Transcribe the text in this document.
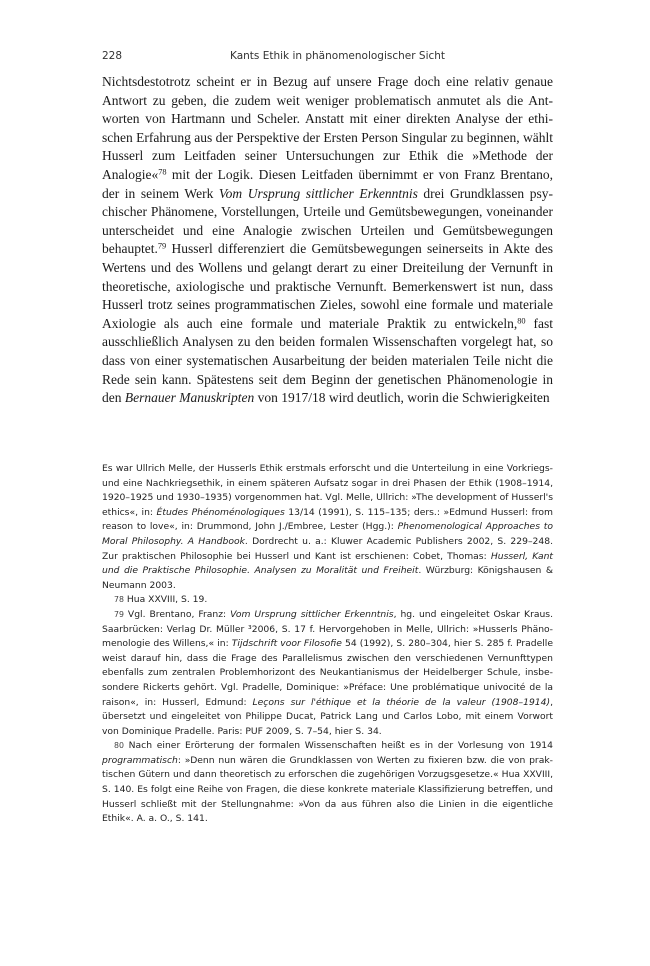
228	Kants Ethik in phänomenologischer Sicht

Nichtsdestotrotz scheint er in Bezug auf unsere Frage doch eine relativ genaue Antwort zu geben, die zudem weit weniger problematisch anmutet als die Antworten von Hartmann und Scheler. Anstatt mit einer direkten Analyse der ethischen Erfahrung aus der Perspektive der Ersten Person Singular zu beginnen, wählt Husserl zum Leitfaden seiner Untersuchungen zur Ethik die »Methode der Analogie«$^{78}$ mit der Logik. Diesen Leitfaden übernimmt er von Franz Brentano, der in seinem Werk Vom Ursprung sittlicher Erkenntnis drei Grundklassen psychischer Phänomene, Vorstellungen, Urteile und Gemütsbewegungen, voneinander unterscheidet und eine Analogie zwischen Urteilen und Gemütsbewegungen behauptet.$^{79}$ Husserl differenziert die Gemütsbewegungen seinerseits in Akte des Wertens und des Wollens und gelangt derart zu einer Dreiteilung der Vernunft in theoretische, axiologische und praktische Vernunft. Bemerkenswert ist nun, dass Husserl trotz seines programmatischen Zieles, sowohl eine formale und materiale Axiologie als auch eine formale und materiale Praktik zu entwickeln,$^{80}$ fast ausschließlich Analysen zu den beiden formalen Wissenschaften vorgelegt hat, so dass von einer systematischen Ausarbeitung der beiden materialen Teile nicht die Rede sein kann. Spätestens seit dem Beginn der genetischen Phänomenologie in den Bernauer Manuskripten von 1917/18 wird deutlich, worin die Schwierigkeiten

Es war Ullrich Melle, der Husserls Ethik erstmals erforscht und die Unterteilung in eine Vorkriegs- und eine Nachkriegsethik, in einem späteren Aufsatz sogar in drei Phasen der Ethik (1908–1914, 1920–1925 und 1930–1935) vorgenommen hat. Vgl. Melle, Ullrich: »The development of Husserl's ethics«, in: Études Phénoménologiques 13/14 (1991), S. 115–135; ders.: »Edmund Husserl: from reason to love«, in: Drummond, John J./Embree, Lester (Hgg.): Phenomenological Approaches to Moral Philosophy. A Handbook. Dordrecht u. a.: Kluwer Academic Publishers 2002, S. 229–248. Zur praktischen Philosophie bei Husserl und Kant ist erschienen: Cobet, Thomas: Husserl, Kant und die Praktische Philosophie. Analysen zu Moralität und Freiheit. Würzburg: Königshausen & Neumann 2003.

78 Hua XXVIII, S. 19.

79 Vgl. Brentano, Franz: Vom Ursprung sittlicher Erkenntnis, hg. und eingeleitet Oskar Kraus. Saarbrücken: Verlag Dr. Müller ³2006, S. 17 f. Hervorgehoben in Melle, Ullrich: »Husserls Phänomenologie des Willens,« in: Tijdschrift voor Filosofie 54 (1992), S. 280–304, hier S. 285 f. Pradelle weist darauf hin, dass die Frage des Parallelismus zwischen den verschiedenen Vernunfttypen ebenfalls zum zentralen Problemhorizont des Neukantianismus der Heidelberger Schule, insbesondere Rickerts gehört. Vgl. Pradelle, Dominique: »Préface: Une problématique univocité de la raison«, in: Husserl, Edmund: Leçons sur l'éthique et la théorie de la valeur (1908–1914), übersetzt und eingeleitet von Philippe Ducat, Patrick Lang und Carlos Lobo, mit einem Vorwort von Dominique Pradelle. Paris: PUF 2009, S. 7–54, hier S. 34.

80 Nach einer Erörterung der formalen Wissenschaften heißt es in der Vorlesung von 1914 programmatisch: »Denn nun wären die Grundklassen von Werten zu fixieren bzw. die von praktischen Gütern und dann theoretisch zu erforschen die zugehörigen Vorzugsgesetze.« Hua XXVIII, S. 140. Es folgt eine Reihe von Fragen, die diese konkrete materiale Klassifizierung betreffen, und Husserl schließt mit der Stellungnahme: »Von da aus führen also die Linien in die eigentliche Ethik«. A. a. O., S. 141.
